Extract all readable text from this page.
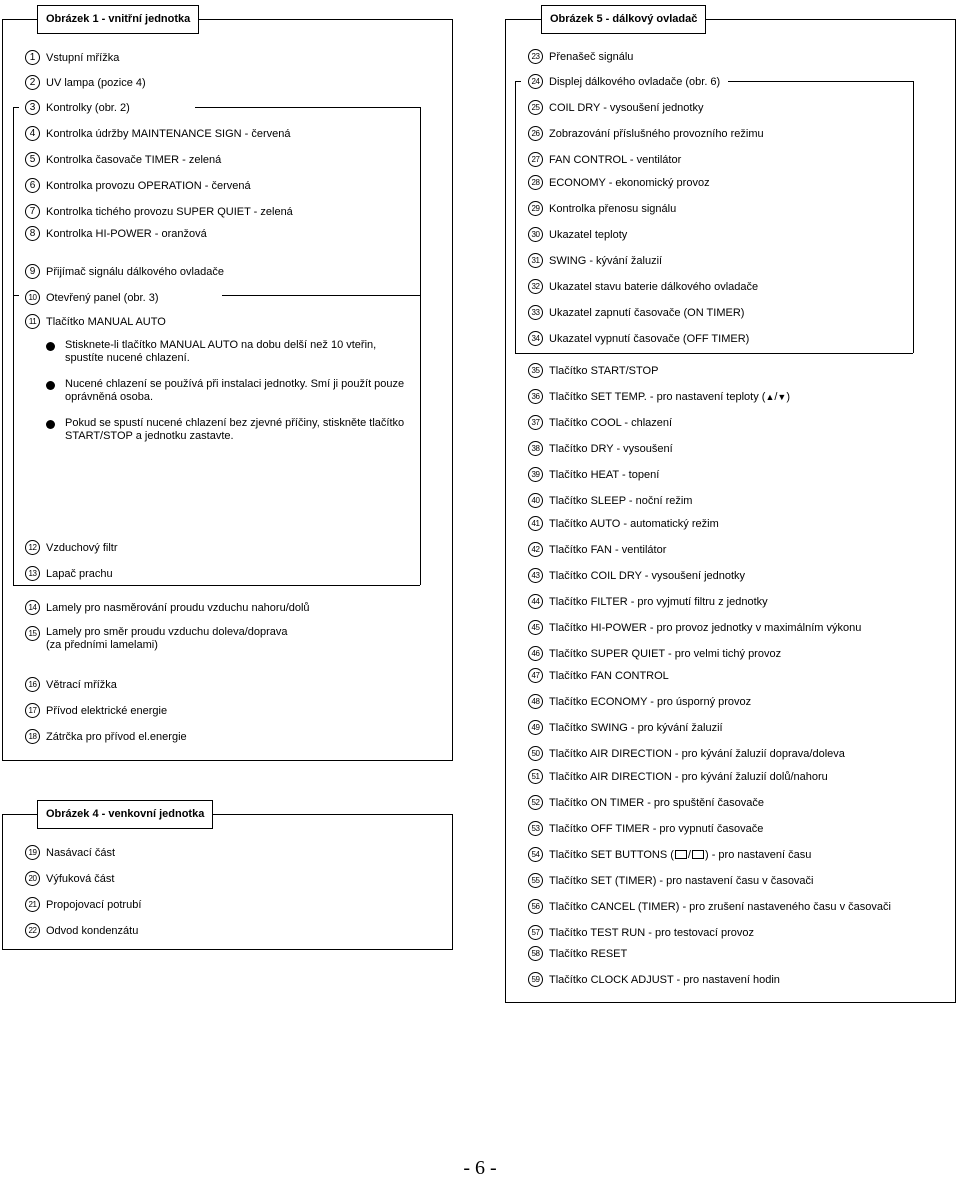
Obrázek 1 - vnitřní jednotka
1 Vstupní mřížka
2 UV lampa (pozice 4)
3 Kontrolky (obr. 2)
4 Kontrolka údržby MAINTENANCE SIGN - červená
5 Kontrolka časovače TIMER - zelená
6 Kontrolka provozu OPERATION - červená
7 Kontrolka tichého provozu SUPER QUIET - zelená
8 Kontrolka HI-POWER - oranžová
9 Přijímač signálu dálkového ovladače
10 Otevřený panel (obr. 3)
11 Tlačítko MANUAL AUTO
12 Vzduchový filtr
13 Lapač prachu
14 Lamely pro nasměrování proudu vzduchu nahoru/dolů
15 Lamely pro směr proudu vzduchu doleva/doprava
(za předními lamelami)
16 Větrací mřížka
17 Přívod elektrické energie
18 Zátrčka pro přívod el.energie
Stisknete-li tlačítko MANUAL AUTO na dobu delší než 10 vteřin, spustíte nucené chlazení.
Nucené chlazení se používá při instalaci jednotky. Smí ji použít pouze oprávněná osoba.
Pokud se spustí nucené chlazení bez zjevné příčiny, stiskněte tlačítko START/STOP a jednotku zastavte.
Obrázek 4 - venkovní jednotka
19 Nasávací část
20 Výfuková část
21 Propojovací potrubí
22 Odvod kondenzátu
Obrázek 5 - dálkový ovladač
23 Přenašeč signálu
24 Displej dálkového ovladače (obr. 6)
25 COIL DRY - vysoušení jednotky
26 Zobrazování příslušného provozního režimu
27 FAN CONTROL - ventilátor
28 ECONOMY - ekonomický provoz
29 Kontrolka přenosu signálu
30 Ukazatel teploty
31 SWING - kývání žaluzií
32 Ukazatel stavu baterie dálkového ovladače
33 Ukazatel zapnutí časovače (ON TIMER)
34 Ukazatel vypnutí časovače (OFF TIMER)
35 Tlačítko START/STOP
36 Tlačítko SET TEMP. - pro nastavení teploty ( ▲ / ▼ )
37 Tlačítko COOL - chlazení
38 Tlačítko DRY - vysoušení
39 Tlačítko HEAT - topení
40 Tlačítko SLEEP - noční režim
41 Tlačítko AUTO - automatický režim
42 Tlačítko FAN - ventilátor
43 Tlačítko COIL DRY - vysoušení jednotky
44 Tlačítko FILTER - pro vyjmutí filtru z jednotky
45 Tlačítko HI-POWER - pro provoz jednotky v maximálním výkonu
46 Tlačítko SUPER QUIET - pro velmi tichý provoz
47 Tlačítko FAN CONTROL
48 Tlačítko ECONOMY - pro úsporný provoz
49 Tlačítko SWING - pro kývání žaluzií
50 Tlačítko AIR DIRECTION - pro kývání žaluzií doprava/doleva
51 Tlačítko AIR DIRECTION - pro kývání žaluzií dolů/nahoru
52 Tlačítko ON TIMER - pro spuštění časovače
53 Tlačítko OFF TIMER - pro vypnutí časovače
54 Tlačítko SET BUTTONS ( / ) - pro nastavení času
55 Tlačítko SET (TIMER) - pro nastavení času v časovači
56 Tlačítko CANCEL (TIMER) - pro zrušení nastaveného času v časovači
57 Tlačítko TEST RUN - pro testovací provoz
58 Tlačítko RESET
59 Tlačítko CLOCK ADJUST - pro nastavení hodin
- 6 -
